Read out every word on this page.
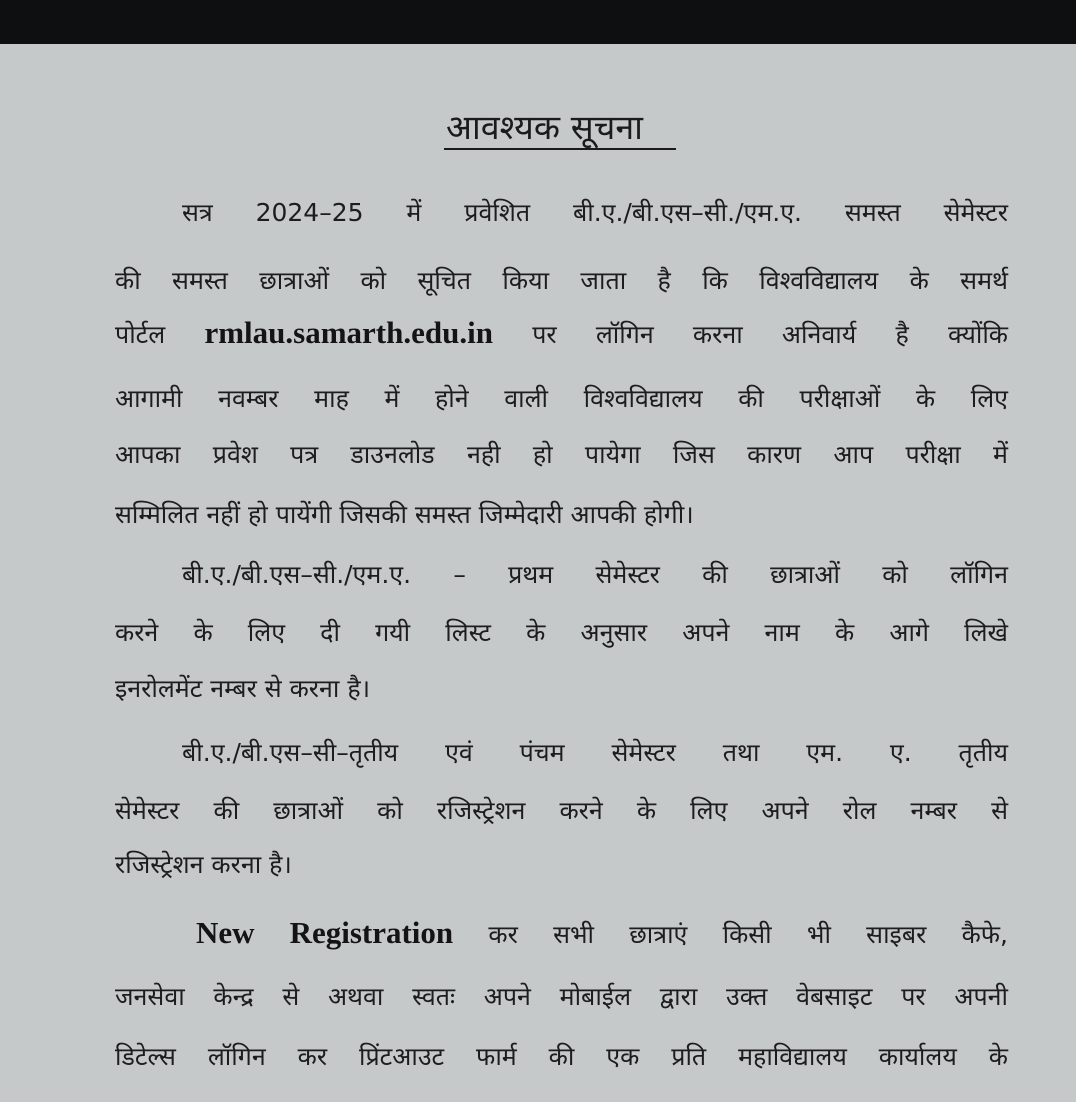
आवश्यक सूचना
सत्र 2024–25 में प्रवेशित बी.ए./बी.एस–सी./एम.ए. समस्त सेमेस्टर
की समस्त छात्राओं को सूचित किया जाता है कि विश्वविद्यालय के समर्थ
पोर्टल rmlau.samarth.edu.in पर लॉगिन करना अनिवार्य है क्योंकि
आगामी नवम्बर माह में होने वाली विश्वविद्यालय की परीक्षाओं के लिए
आपका प्रवेश पत्र डाउनलोड नही हो पायेगा जिस कारण आप परीक्षा में
सम्मिलित नहीं हो पायेंगी जिसकी समस्त जिम्मेदारी आपकी होगी।
बी.ए./बी.एस–सी./एम.ए. – प्रथम सेमेस्टर की छात्राओं को लॉगिन
करने के लिए दी गयी लिस्ट के अनुसार अपने नाम के आगे लिखे
इनरोलमेंट नम्बर से करना है।
बी.ए./बी.एस–सी–तृतीय एवं पंचम सेमेस्टर तथा एम. ए. तृतीय
सेमेस्टर की छात्राओं को रजिस्ट्रेशन करने के लिए अपने रोल नम्बर से
रजिस्ट्रेशन करना है।
New Registration कर सभी छात्राएं किसी भी साइबर कैफे,
जनसेवा केन्द्र से अथवा स्वतः अपने मोबाईल द्वारा उक्त वेबसाइट पर अपनी
डिटेल्स लॉगिन कर प्रिंटआउट फार्म की एक प्रति महाविद्यालय कार्यालय के
